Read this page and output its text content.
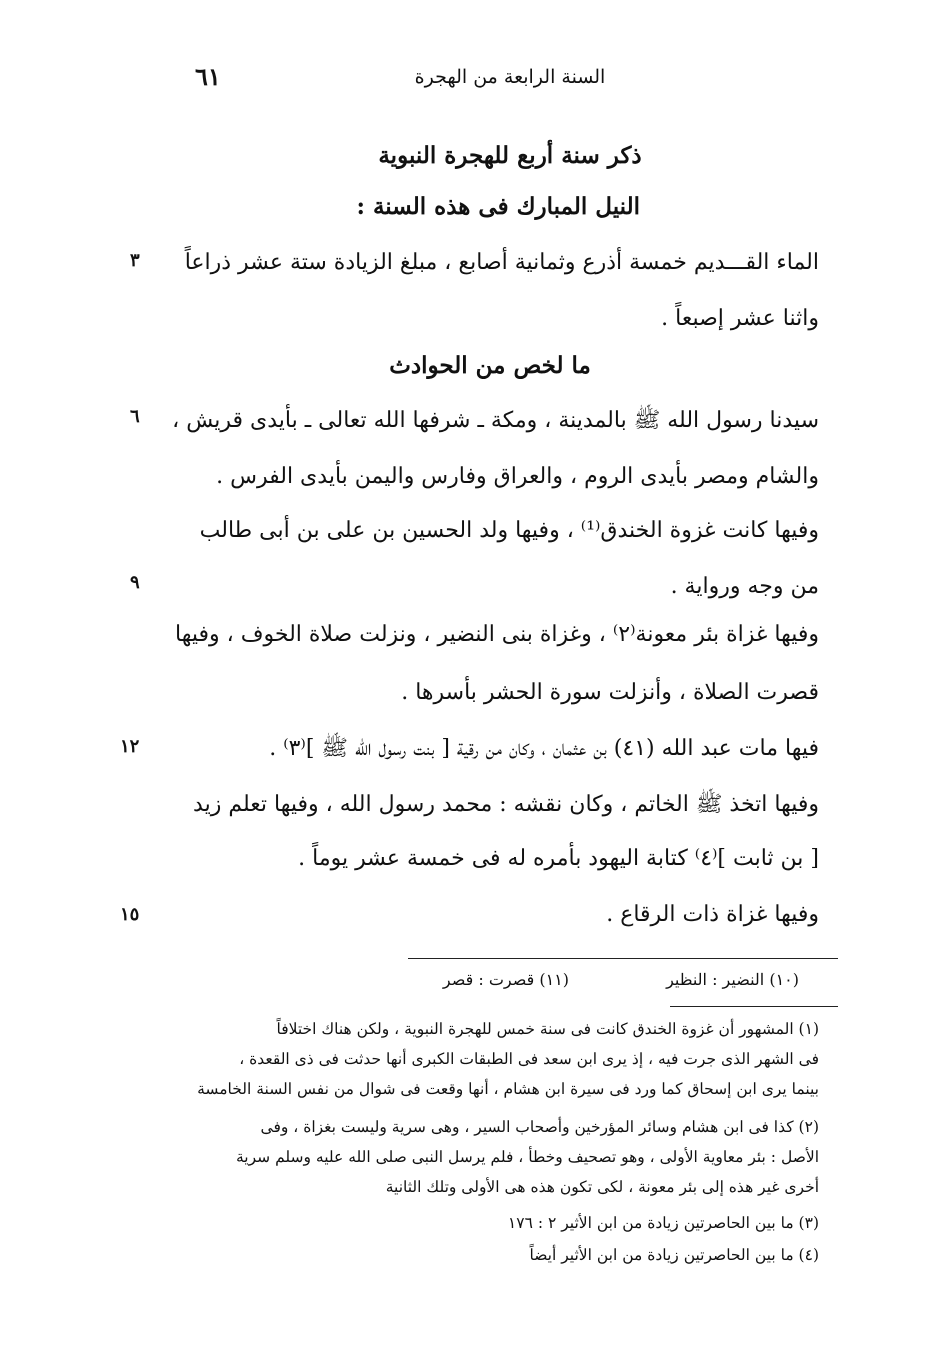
السنة الرابعة من الهجرة
٦١
ذكر سنة أربع للهجرة النبوية
النيل المبارك فى هذه السنة :
الماء القـــديم خمسة أذرع وثمانية أصابع ، مبلغ الزيادة ستة عشر ذراعاً
٣
واثنا عشر إصبعاً .
ما لخص من الحوادث
سيدنا رسول الله ﷺ بالمدينة ، ومكة ـ شرفها الله تعالى ـ بأيدى قريش ،
٦
والشام ومصر بأيدى الروم ، والعراق وفارس واليمن بأيدى الفرس .
وفيها كانت غزوة الخندق⁽¹⁾ ، وفيها ولد الحسين بن على بن أبى طالب
من وجه ورواية .
٩
وفيها غزاة بئر معونة⁽٢⁾ ، وغزاة بنى النضير ، ونزلت صلاة الخوف ، وفيها
قصرت الصلاة ، وأنزلت سورة الحشر بأسرها .
فيها مات عبد الله (٤١) بن عثمان ، وكان من رقية [ بنت رسول الله ﷺ ]⁽٣⁾ .
١٢
وفيها اتخذ ﷺ الخاتم ، وكان نقشه : محمد رسول الله ، وفيها تعلم زيد
[ بن ثابت ]⁽٤⁾ كتابة اليهود بأمره له فى خمسة عشر يوماً .
وفيها غزاة ذات الرقاع .
١٥
(١٠) النضير : النظير
(١١) قصرت : قصر
(١) المشهور أن غزوة الخندق كانت فى سنة خمس للهجرة النبوية ، ولكن هناك اختلافاً
فى الشهر الذى جرت فيه ، إذ يرى ابن سعد فى الطبقات الكبرى أنها حدثت فى ذى القعدة ،
بينما يرى ابن إسحاق كما ورد فى سيرة ابن هشام ، أنها وقعت فى شوال من نفس السنة الخامسة
(٢) كذا فى ابن هشام وسائر المؤرخين وأصحاب السير ، وهى سرية وليست بغزاة ، وفى
الأصل : بئر معاوية الأولى ، وهو تصحيف وخطأ ، فلم يرسل النبى صلى الله عليه وسلم سرية
أخرى غير هذه إلى بئر معونة ، لكى تكون هذه هى الأولى وتلك الثانية
(٣) ما بين الحاصرتين زيادة من ابن الأثير ٢ : ١٧٦
(٤) ما بين الحاصرتين زيادة من ابن الأثير أيضاً
